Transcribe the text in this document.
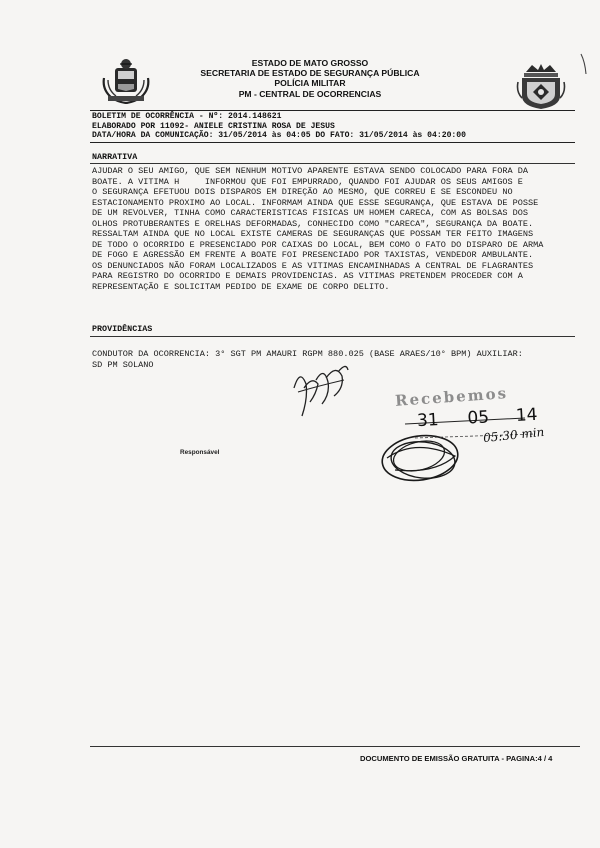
ESTADO DE MATO GROSSO
SECRETARIA DE ESTADO DE SEGURANÇA PÚBLICA
POLÍCIA MILITAR
PM - CENTRAL DE OCORRENCIAS
BOLETIM DE OCORRÊNCIA - Nº: 2014.148621
ELABORADO POR 11092- ANIELE CRISTINA ROSA DE JESUS
DATA/HORA DA COMUNICAÇÃO: 31/05/2014 às 04:05 DO FATO: 31/05/2014 às 04:20:00
NARRATIVA
AJUDAR O SEU AMIGO, QUE SEM NENHUM MOTIVO APARENTE ESTAVA SENDO COLOCADO PARA FORA DA
BOATE. A VITIMA H     INFORMOU QUE FOI EMPURRADO, QUANDO FOI AJUDAR OS SEUS AMIGOS E
O SEGURANÇA EFETUOU DOIS DISPAROS EM DIREÇÃO AO MESMO, QUE CORREU E SE ESCONDEU NO
ESTACIONAMENTO PROXIMO AO LOCAL. INFORMAM AINDA QUE ESSE SEGURANÇA, QUE ESTAVA DE POSSE
DE UM REVOLVER, TINHA COMO CARACTERISTICAS FISICAS UM HOMEM CARECA, COM AS BOLSAS DOS
OLHOS PROTUBERANTES E ORELHAS DEFORMADAS, CONHECIDO COMO "CARECA", SEGURANÇA DA BOATE.
RESSALTAM AINDA QUE NO LOCAL EXISTE CAMERAS DE SEGURANÇAS QUE POSSAM TER FEITO IMAGENS
DE TODO O OCORRIDO E PRESENCIADO POR CAIXAS DO LOCAL, BEM COMO O FATO DO DISPARO DE ARMA
DE FOGO E AGRESSÃO EM FRENTE A BOATE FOI PRESENCIADO POR TAXISTAS, VENDEDOR AMBULANTE.
OS DENUNCIADOS NÃO FORAM LOCALIZADOS E AS VITIMAS ENCAMINHADAS A CENTRAL DE FLAGRANTES
PARA REGISTRO DO OCORRIDO E DEMAIS PROVIDENCIAS. AS VITIMAS PRETENDEM PROCEDER COM A
REPRESENTAÇÃO E SOLICITAM PEDIDO DE EXAME DE CORPO DELITO.
PROVIDÊNCIAS
CONDUTOR DA OCORRENCIA: 3° SGT PM AMAURI RGPM 880.025 (BASE ARAES/10° BPM) AUXILIAR:
SD PM SOLANO
Recebemos
31 05 14
05:30 min
Responsável
DOCUMENTO DE EMISSÃO GRATUITA - PAGINA:4 / 4
